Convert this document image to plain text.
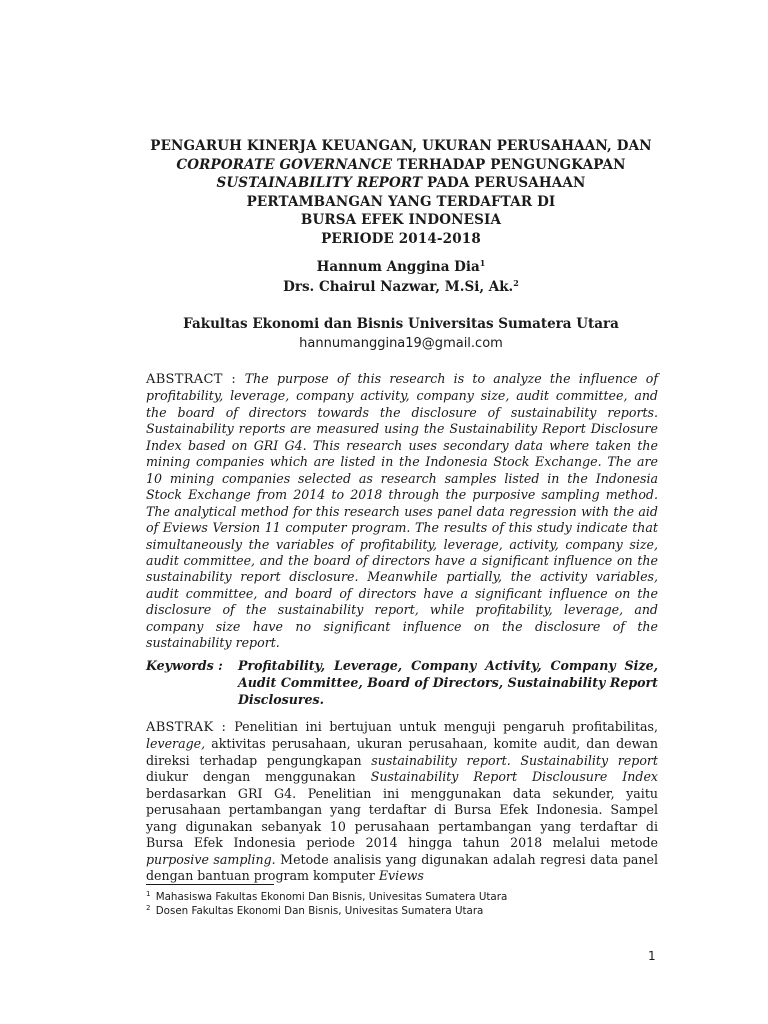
PENGARUH KINERJA KEUANGAN, UKURAN PERUSAHAAN, DAN
CORPORATE GOVERNANCE TERHADAP PENGUNGKAPAN
SUSTAINABILITY REPORT PADA PERUSAHAAN
PERTAMBANGAN YANG TERDAFTAR DI
BURSA EFEK INDONESIA
PERIODE 2014-2018
Hannum Anggina Dia$^1$
Drs. Chairul Nazwar, M.Si, Ak.$^2$
Fakultas Ekonomi dan Bisnis Universitas Sumatera Utara
hannumanggina19@gmail.com
ABSTRACT : The purpose of this research is to analyze the influence of profitability, leverage, company activity, company size, audit committee, and the board of directors towards the disclosure of sustainability reports. Sustainability reports are measured using the Sustainability Report Disclosure Index based on GRI G4. This research uses secondary data where taken the mining companies which are listed in the Indonesia Stock Exchange. The are 10 mining companies selected as research samples listed in the Indonesia Stock Exchange from 2014 to 2018 through the purposive sampling method. The analytical method for this research uses panel data regression with the aid of Eviews Version 11 computer program. The results of this study indicate that simultaneously the variables of profitability, leverage, activity, company size, audit committee, and the board of directors have a significant influence on the sustainability report disclosure. Meanwhile partially, the activity variables, audit committee, and board of directors have a significant influence on the disclosure of the sustainability report, while profitability, leverage, and company size have no significant influence on the disclosure of the sustainability report.
Keywords : Profitability, Leverage, Company Activity, Company Size, Audit Committee, Board of Directors, Sustainability Report Disclosures.
ABSTRAK : Penelitian ini bertujuan untuk menguji pengaruh profitabilitas, leverage, aktivitas perusahaan, ukuran perusahaan, komite audit, dan dewan direksi terhadap pengungkapan sustainability report. Sustainability report diukur dengan menggunakan Sustainability Report Disclousure Index berdasarkan GRI G4. Penelitian ini menggunakan data sekunder, yaitu perusahaan pertambangan yang terdaftar di Bursa Efek Indonesia. Sampel yang digunakan sebanyak 10 perusahaan pertambangan yang terdaftar di Bursa Efek Indonesia periode 2014 hingga tahun 2018 melalui metode purposive sampling. Metode analisis yang digunakan adalah regresi data panel dengan bantuan program komputer Eviews
$^1$ Mahasiswa Fakultas Ekonomi Dan Bisnis, Univesitas Sumatera Utara
$^2$ Dosen Fakultas Ekonomi Dan Bisnis, Univesitas Sumatera Utara
1
